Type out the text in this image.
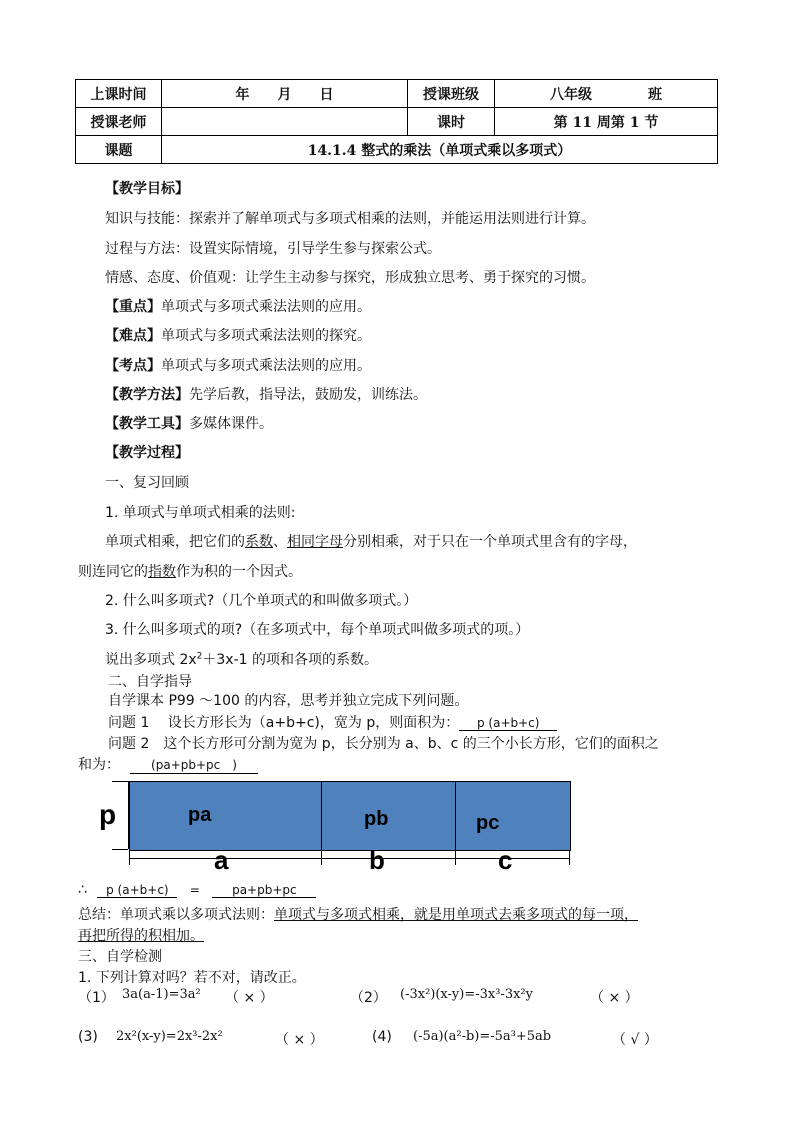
上课时间	年　　月　　日	授课班级	八年级　　　　班
授课老师		课时	第 11 周第 1 节
课题	14.1.4 整式的乘法（单项式乘以多项式）		
【教学目标】
知识与技能：探索并了解单项式与多项式相乘的法则，并能运用法则进行计算。
过程与方法：设置实际情境，引导学生参与探索公式。
情感、态度、价值观：让学生主动参与探究，形成独立思考、勇于探究的习惯。
【重点】单项式与多项式乘法法则的应用。
【难点】单项式与多项式乘法法则的探究。
【考点】单项式与多项式乘法法则的应用。
【教学方法】先学后教，指导法，鼓励发，训练法。
【教学工具】多媒体课件。
【教学过程】
一、复习回顾
1. 单项式与单项式相乘的法则:
单项式相乘，把它们的系数、相同字母分别相乘，对于只在一个单项式里含有的字母，
则连同它的指数作为积的一个因式。
2. 什么叫多项式?（几个单项式的和叫做多项式。）
3. 什么叫多项式的项?（在多项式中，每个单项式叫做多项式的项。）
说出多项式 $2x^2+3x-1$ 的项和各项的系数。
二、自学指导
自学课本 P99 ～100 的内容，思考并独立完成下列问题。
问题 1　 设长方形长为（a+b+c)，宽为 p，则面积为： p (a+b+c)
问题 2　这个长方形可分割为宽为 p，长分别为 a、b、c 的三个小长方形，它们的面积之
和为：	(pa+pb+pc　)
p	pa	pb	pc
a	b	c
∴ p (a+b+c) =	pa+pb+pc
总结：单项式乘以多项式法则：单项式与多项式相乘，就是用单项式去乘多项式的每一项，
再把所得的积相加。
三、自学检测
1. 下列计算对吗？若不对，请改正。
（1） 3a(a-1)=3a² （ × ）	（2） (-3x²)(x-y)=-3x³-3x²y	（ × ）
(3) 2x²(x-y)=2x³-2x²	（ × ）	(4) (-5a)(a²-b)=-5a³+5ab	（ √ ）
